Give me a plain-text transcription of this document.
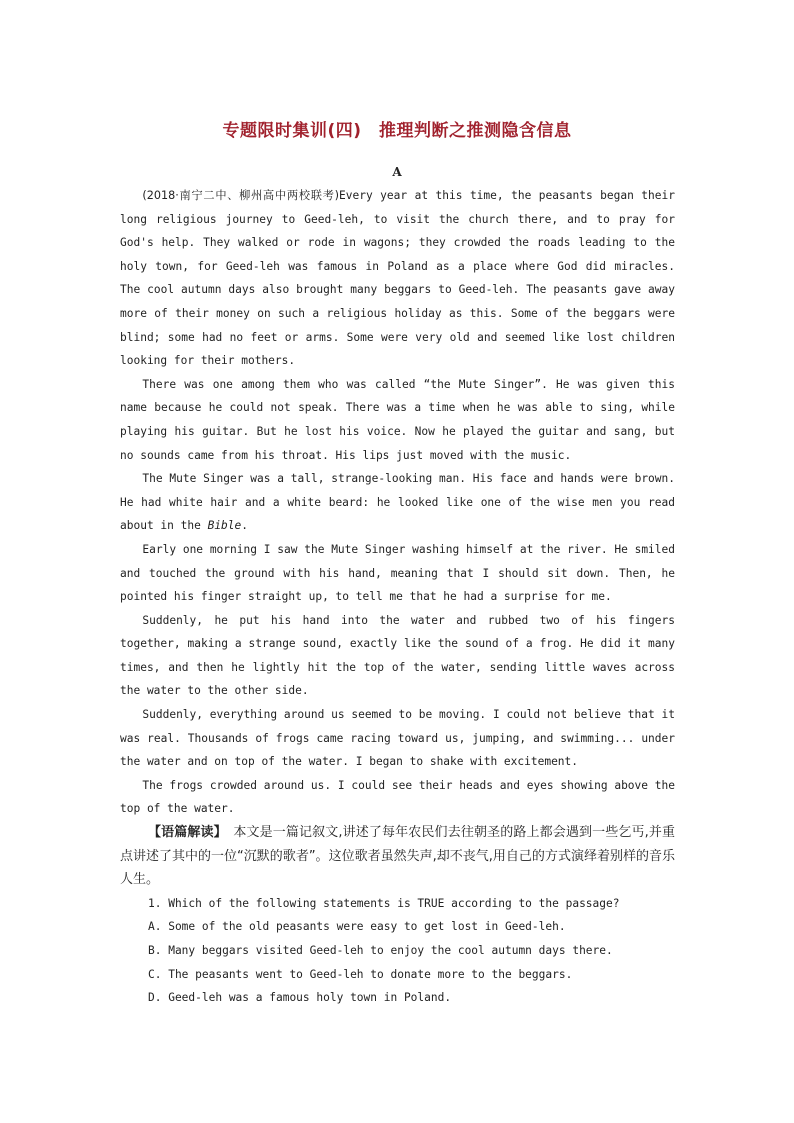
专题限时集训(四)　推理判断之推测隐含信息
A

(2018·南宁二中、柳州高中两校联考)Every year at this time, the peasants began their long religious journey to Geed-leh, to visit the church there, and to pray for God's help. They walked or rode in wagons; they crowded the roads leading to the holy town, for Geed-leh was famous in Poland as a place where God did miracles. The cool autumn days also brought many beggars to Geed-leh. The peasants gave away more of their money on such a religious holiday as this. Some of the beggars were blind; some had no feet or arms. Some were very old and seemed like lost children looking for their mothers.

There was one among them who was called “the Mute Singer”. He was given this name because he could not speak. There was a time when he was able to sing, while playing his guitar. But he lost his voice. Now he played the guitar and sang, but no sounds came from his throat. His lips just moved with the music.

The Mute Singer was a tall, strange-looking man. His face and hands were brown. He had white hair and a white beard: he looked like one of the wise men you read about in the Bible.

Early one morning I saw the Mute Singer washing himself at the river. He smiled and touched the ground with his hand, meaning that I should sit down. Then, he pointed his finger straight up, to tell me that he had a surprise for me.

Suddenly, he put his hand into the water and rubbed two of his fingers together, making a strange sound, exactly like the sound of a frog. He did it many times, and then he lightly hit the top of the water, sending little waves across the water to the other side.

Suddenly, everything around us seemed to be moving. I could not believe that it was real. Thousands of frogs came racing toward us, jumping, and swimming... under the water and on top of the water. I began to shake with excitement.

The frogs crowded around us. I could see their heads and eyes showing above the top of the water.

【语篇解读】　本文是一篇记叙文,讲述了每年农民们去往朝圣的路上都会遇到一些乞丐,并重点讲述了其中的一位“沉默的歌者”。这位歌者虽然失声,却不丧气,用自己的方式演绎着别样的音乐人生。

1. Which of the following statements is TRUE according to the passage?

A. Some of the old peasants were easy to get lost in Geed-leh.

B. Many beggars visited Geed-leh to enjoy the cool autumn days there.

C. The peasants went to Geed-leh to donate more to the beggars.

D. Geed-leh was a famous holy town in Poland.
